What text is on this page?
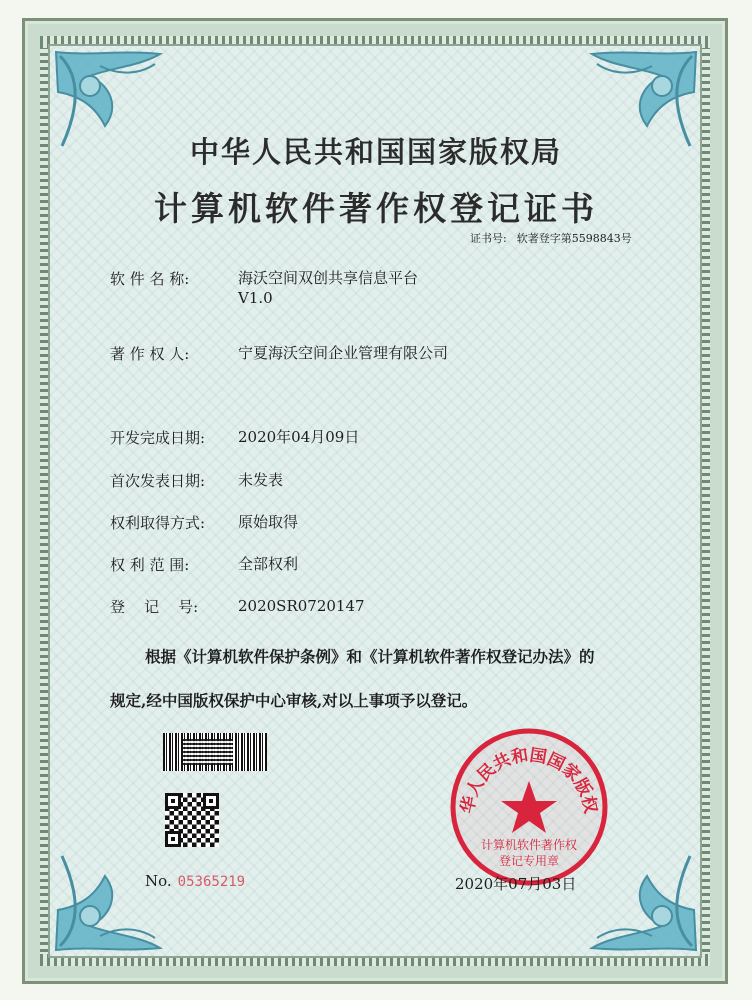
中华人民共和国国家版权局
计算机软件著作权登记证书
证书号: 软著登字第5598843号
软 件 名 称:	海沃空间双创共享信息平台
V1.0
著 作 权 人:	宁夏海沃空间企业管理有限公司
开发完成日期:	2020年04月09日
首次发表日期:	未发表
权利取得方式:	原始取得
权 利 范 围:	全部权利
登    记    号:	2020SR0720147
根据《计算机软件保护条例》和《计算机软件著作权登记办法》的
规定,经中国版权保护中心审核,对以上事项予以登记。
No. 05365219
华人民共和国国家版权
计算机软件著作权
登记专用章
2020年07月03日
